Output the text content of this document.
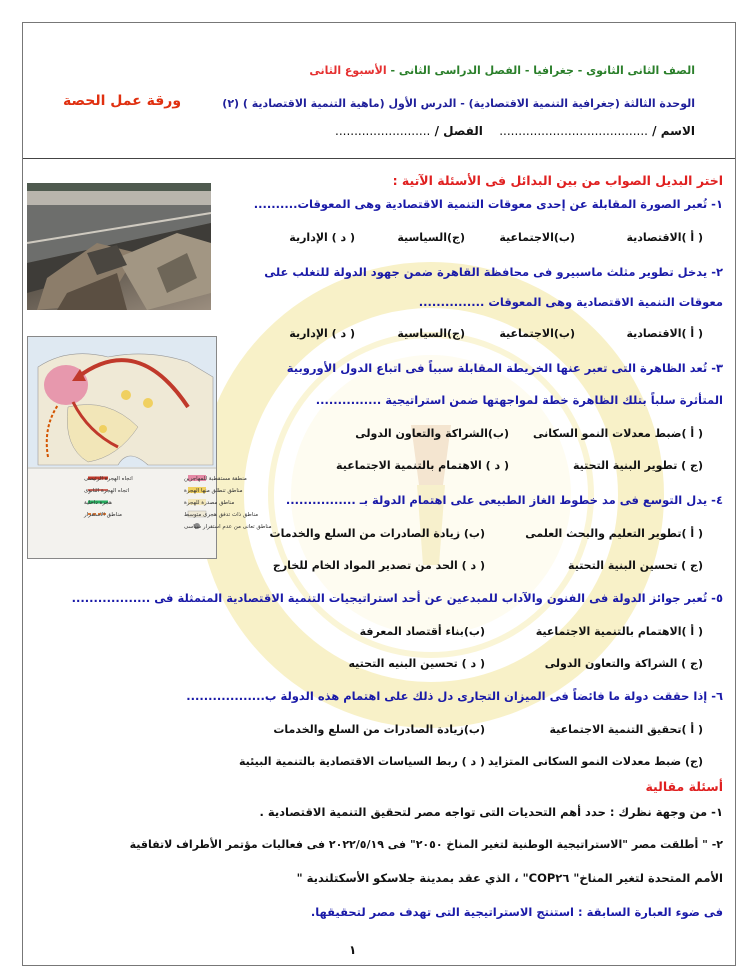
الصف الثانى الثانوى - جغرافيا - الفصل الدراسى الثانى - الأسبوع الثانى
الوحدة الثالثة (جغرافية التنمية الاقتصادية) - الدرس الأول (ماهية التنمية الاقتصادية ) (٢)
ورقة عمل الحصة
الاسم / .......................................
الفصل / .........................
اختر البديل الصواب من بين البدائل فى الأسئلة الآتية :
١- تُعبر الصورة المقابلة عن إحدى معوقات التنمية الاقتصادية وهى المعوقات..........
( أ )الاقتصادية
(ب)الاجتماعية
(ج)السياسية
( د ) الإدارية
٢- يدخل تطوير مثلث ماسبيرو فى محافظة القاهرة ضمن جهود الدولة للتغلب على
معوقات التنمية الاقتصادية وهى المعوقات ...............
( أ )الاقتصادية
(ب)الاجتماعية
(ج)السياسية
( د ) الإدارية
٣- تُعد الظاهرة التى تعبر عنها الخريطة المقابلة سبباً فى اتباع الدول الأوروبية
المتأثرة سلباً بتلك الظاهرة خطة لمواجهتها ضمن استراتيجية ...............
( أ )ضبط معدلات النمو السكانى
(ب)الشراكة والتعاون الدولى
(ج ) تطوير البنية التحتية
( د ) الاهتمام بالتنمية الاجتماعية
٤- يدل التوسع فى مد خطوط الغاز الطبيعى على اهتمام الدولة بـ ................
( أ )تطوير التعليم والبحث العلمى
(ب) زيادة الصادرات من السلع والخدمات
(ج ) تحسين البنية التحتية
( د ) الحد من تصدير المواد الخام للخارج
٥- تُعبر جوائز الدولة فى الفنون والآداب للمبدعين عن أحد استراتيجيات التنمية الاقتصادية المتمثلة فى ..................
( أ )الاهتمام بالتنمية الاجتماعية
(ب)بناء أقتصاد المعرفة
(ج ) الشراكة والتعاون الدولى
( د ) تحسين البنيه التحتيه
٦- إذا حققت دولة ما فائضاً فى الميزان التجارى دل ذلك على اهتمام هذه الدولة ب..................
( أ )تحقيق التنمية الاجتماعية
(ب)زيادة الصادرات من السلع والخدمات
(ج) ضبط معدلات النمو السكانى المتزايد
( د ) ربط السياسات الاقتصادية بالتنمية البيئية
أسئلة مقالية
١- من وجهة نظرك : حدد أهم التحديات التى تواجه مصر لتحقيق التنمية الاقتصادية .
٢- " أطلقت مصر "الاستراتيجية الوطنية لتغير المناخ ٢٠٥٠" فى ٢٠٢٢/٥/١٩ فى فعاليات مؤتمر الأطراف لاتفاقية
الأمم المتحدة لتغير المناخ" COP٢٦" ، الذي عقد بمدينة جلاسكو الأسكتلندية "
فى ضوء العبارة السابقة : استنتج الاستراتيجية التى تهدف مصر لتحقيقها.
منطقة مستقطبة للمهاجرين
مناطق تنطلق منها الهجرة
مناطق مصدرة للهجرة
مناطق ذات تدفق هجرى متوسط
مناطق تعانى من عدم استقرار سياسى
اتجاه الهجرة الرئيسى
اتجاه الهجرة الثانوى
هجرة داخلية
مناطق الاستقرار
١
